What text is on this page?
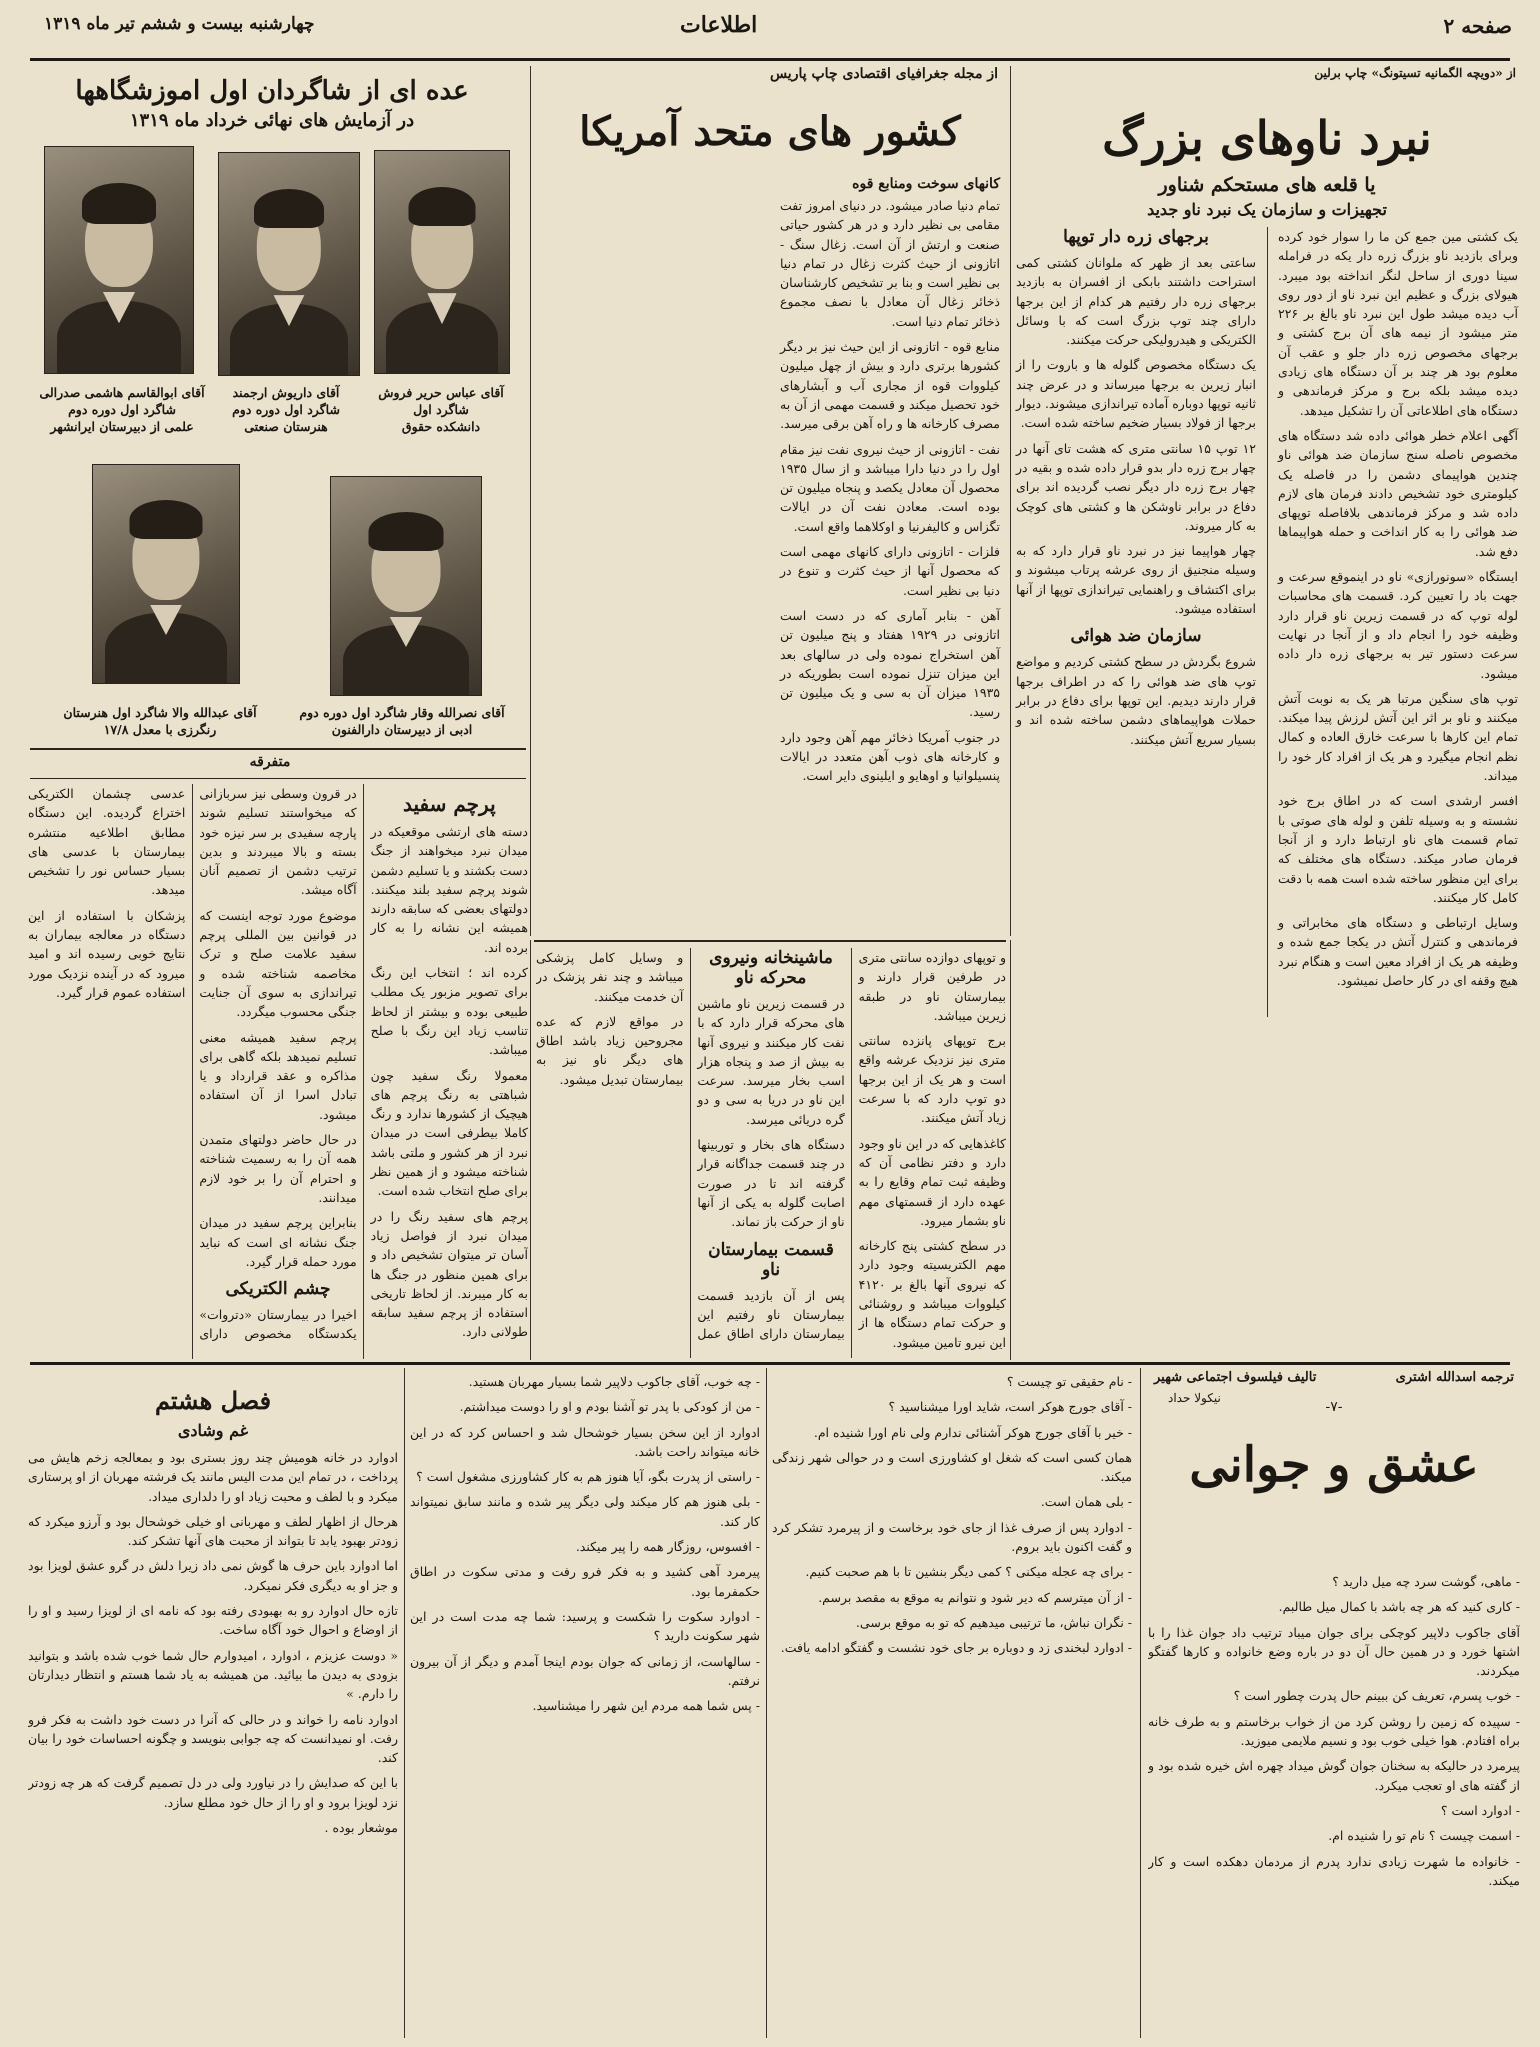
صفحه ۲
اطلاعات
چهارشنبه بیست و ششم تیر ماه ۱۳۱۹
از «دویچه الگمانیه تسیتونگ» چاپ برلین
نبرد ناوهای بزرگ
یا قلعه های مستحکم شناور
تجهیزات و سازمان یک نبرد ناو جدید

یک کشتی مین جمع کن ما را سوار خود کرده وبرای بازدید ناو بزرگ زره دار یکه در فرامله سینا دوری از ساحل لنگر انداخته بود میبرد. هیولای بزرگ و عظیم این نبرد ناو از دور روی آب دیده میشد طول این نبرد ناو بالغ بر ۲۲۶ متر میشود از نیمه های آن برج کشتی و برجهای مخصوص زره دار جلو و عقب آن معلوم بود هر چند بر آن دستگاه های زیادی دیده میشد بلکه برج و مرکز فرماندهی و دستگاه های اطلاعاتی آن را تشکیل میدهد.

آگهی اعلام خطر هوائی داده شد دستگاه های مخصوص ناصله سنج سازمان ضد هوائی ناو چندین هواپیمای دشمن را در فاصله یک کیلومتری خود تشخیص دادند فرمان های لازم داده شد و مرکز فرماندهی بلافاصله توپهای ضد هوائی را به کار انداخت و حمله هواپیماها دفع شد.

ایستگاه «سونورازی» ناو در اینموقع سرعت و جهت باد را تعیین کرد. قسمت های محاسبات لوله توپ که در قسمت زیرین ناو قرار دارد وظیفه خود را انجام داد و از آنجا در نهایت سرعت دستور تیر به برجهای زره دار داده میشود.

توپ های سنگین مرتبا هر یک به نوبت آتش میکنند و ناو بر اثر این آتش لرزش پیدا میکند. تمام این کارها با سرعت خارق العاده و کمال نظم انجام میگیرد و هر یک از افراد کار خود را میداند.

افسر ارشدی است که در اطاق برج خود نشسته و به وسیله تلفن و لوله های صوتی با تمام قسمت های ناو ارتباط دارد و از آنجا فرمان صادر میکند. دستگاه های مختلف که برای این منظور ساخته شده است همه با دقت کامل کار میکنند.

وسایل ارتباطی و دستگاه های مخابراتی و فرماندهی و کنترل آتش در یکجا جمع شده و وظیفه هر یک از افراد معین است و هنگام نبرد هیچ وقفه ای در کار حاصل نمیشود.

برجهای زره دار توپها

ساعتی بعد از ظهر که ملوانان کشتی کمی استراحت داشتند بابکی از افسران به بازدید برجهای زره دار رفتیم هر کدام از این برجها دارای چند توپ بزرگ است که با وسائل الکتریکی و هیدرولیکی حرکت میکنند.

یک دستگاه مخصوص گلوله ها و باروت را از انبار زیرین به برجها میرساند و در عرض چند ثانیه توپها دوباره آماده تیراندازی میشوند. دیوار برجها از فولاد بسیار ضخیم ساخته شده است.

۱۲ توپ ۱۵ سانتی متری که هشت تای آنها در چهار برج زره دار بدو قرار داده شده و بقیه در چهار برج زره دار دیگر نصب گردیده اند برای دفاع در برابر ناوشکن ها و کشتی های کوچک به کار میروند.

چهار هواپیما نیز در نبرد ناو قرار دارد که به وسیله منجنیق از روی عرشه پرتاب میشوند و برای اکتشاف و راهنمایی تیراندازی توپها از آنها استفاده میشود.

سازمان ضد هوائی

شروع بگردش در سطح کشتی کردیم و مواضع توپ های ضد هوائی را که در اطراف برجها قرار دارند دیدیم. این توپها برای دفاع در برابر حملات هواپیماهای دشمن ساخته شده اند و بسیار سریع آتش میکنند.

از مجله جغرافیای اقتصادی چاپ پاریس
کشور های متحد آمریکا
کانهای سوخت ومنابع قوه

تمام دنیا صادر میشود. در دنیای امروز تفت مقامی بی نظیر دارد و در هر کشور حیاتی صنعت و ارتش از آن است. زغال سنگ - اتازونی از حیث کثرت زغال در تمام دنیا بی نظیر است و بنا بر تشخیص کارشناسان ذخائر زغال آن معادل با نصف مجموع ذخائر تمام دنیا است.

منابع قوه - اتازونی از این حیث نیز بر دیگر کشورها برتری دارد و بیش از چهل میلیون کیلووات قوه از مجاری آب و آبشارهای خود تحصیل میکند و قسمت مهمی از آن به مصرف کارخانه ها و راه آهن برقی میرسد.

نفت - اتازونی از حیث نیروی نفت نیز مقام اول را در دنیا دارا میباشد و از سال ۱۹۳۵ محصول آن معادل یکصد و پنجاه میلیون تن بوده است. معادن نفت آن در ایالات تگزاس و کالیفرنیا و اوکلاهما واقع است.

فلزات - اتازونی دارای کانهای مهمی است که محصول آنها از حیث کثرت و تنوع در دنیا بی نظیر است.

آهن - بنابر آماری که در دست است اتازونی در ۱۹۲۹ هفتاد و پنج میلیون تن آهن استخراج نموده ولی در سالهای بعد این میزان تنزل نموده است بطوریکه در ۱۹۳۵ میزان آن به سی و یک میلیون تن رسید.

در جنوب آمریکا ذخائر مهم آهن وجود دارد و کارخانه های ذوب آهن متعدد در ایالات پنسیلوانیا و اوهایو و ایلینوی دایر است.

عده ای از شاگردان اول اموزشگاهها
در آزمایش های نهائی خرداد ماه ۱۳۱۹
آقای عباس حریر فروش
شاگرد اول
دانشکده حقوق
آقای داریوش ارجمند
شاگرد اول دوره دوم
هنرستان صنعتی
آقای ابوالقاسم هاشمی صدرالی
شاگرد اول دوره دوم
علمی از دبیرستان ایرانشهر
آقای نصرالله وقار شاگرد اول دوره دوم
ادبی از دبیرستان دارالفنون
آقای عبدالله والا شاگرد اول هنرستان
رنگرزی با معدل ۱۷/۸
متفرقه
پرچم سفید

دسته های ارتشی موقعیکه در میدان نبرد میخواهند از جنگ دست بکشند و یا تسلیم دشمن شوند پرچم سفید بلند میکنند. دولتهای بعضی که سابقه دارند همیشه این نشانه را به کار برده اند.

کرده اند ؛ انتخاب این رنگ برای تصویر مزبور یک مطلب طبیعی بوده و بیشتر از لحاظ تناسب زیاد این رنگ با صلح میباشد.

معمولا رنگ سفید چون شباهتی به رنگ پرچم های هیچیک از کشورها ندارد و رنگ کاملا بیطرفی است در میدان نبرد از هر کشور و ملتی باشد شناخته میشود و از همین نظر برای صلح انتخاب شده است.

پرچم های سفید رنگ را در میدان نبرد از فواصل زیاد آسان تر میتوان تشخیص داد و برای همین منظور در جنگ ها به کار میبرند. از لحاظ تاریخی استفاده از پرچم سفید سابقه طولانی دارد.

در قرون وسطی نیز سربازانی که میخواستند تسلیم شوند پارچه سفیدی بر سر نیزه خود بسته و بالا میبردند و بدین ترتیب دشمن از تصمیم آنان آگاه میشد.

موضوع مورد توجه اینست که در قوانین بین المللی پرچم سفید علامت صلح و ترک مخاصمه شناخته شده و تیراندازی به سوی آن جنایت جنگی محسوب میگردد.

پرچم سفید همیشه معنی تسلیم نمیدهد بلکه گاهی برای مذاکره و عقد قرارداد و یا تبادل اسرا از آن استفاده میشود.

در حال حاضر دولتهای متمدن همه آن را به رسمیت شناخته و احترام آن را بر خود لازم میدانند.

بنابراین پرچم سفید در میدان جنگ نشانه ای است که نباید مورد حمله قرار گیرد.

چشم الکتریکی

اخیرا در بیمارستان «دتروات» یکدستگاه مخصوص دارای عدسی چشمان الکتریکی اختراع گردیده. این دستگاه مطابق اطلاعیه منتشره بیمارستان با عدسی های بسیار حساس نور را تشخیص میدهد.

پزشکان با استفاده از این دستگاه در معالجه بیماران به نتایج خوبی رسیده اند و امید میرود که در آینده نزدیک مورد استفاده عموم قرار گیرد.

و توپهای دوازده سانتی متری در طرفین قرار دارند و بیمارستان ناو در طبقه زیرین میباشد.

برج توپهای پانزده سانتی متری نیز نزدیک عرشه واقع است و هر یک از این برجها دو توپ دارد که با سرعت زیاد آتش میکنند.

کاغذهایی که در این ناو وجود دارد و دفتر نظامی آن که وظیفه ثبت تمام وقایع را به عهده دارد از قسمتهای مهم ناو بشمار میرود.

در سطح کشتی پنج کارخانه مهم الکتریسیته وجود دارد که نیروی آنها بالغ بر ۴۱۲۰ کیلووات میباشد و روشنائی و حرکت تمام دستگاه ها از این نیرو تامین میشود.

ماشینخانه ونیروی محرکه ناو

در قسمت زیرین ناو ماشین های محرکه قرار دارد که با نفت کار میکنند و نیروی آنها به بیش از صد و پنجاه هزار اسب بخار میرسد. سرعت این ناو در دریا به سی و دو گره دریائی میرسد.

دستگاه های بخار و توربینها در چند قسمت جداگانه قرار گرفته اند تا در صورت اصابت گلوله به یکی از آنها ناو از حرکت باز نماند.

قسمت بیمارستان ناو

پس از آن بازدید قسمت بیمارستان ناو رفتیم این بیمارستان دارای اطاق عمل و وسایل کامل پزشکی میباشد و چند نفر پزشک در آن خدمت میکنند.

در مواقع لازم که عده مجروحین زیاد باشد اطاق های دیگر ناو نیز به بیمارستان تبدیل میشود.

ترجمه اسدالله اشتری
تالیف فیلسوف اجتماعی شهیر
نیکولا حداد
-۷-
عشق و جوانی

- ماهی، گوشت سرد چه میل دارید ؟

- کاری کنید که هر چه باشد با کمال میل طالبم.

آقای جاکوب دلاپیر کوچکی برای جوان میباد ترتیب داد جوان غذا را با اشتها خورد و در همین حال آن دو در باره وضع خانواده و کارها گفتگو میکردند.

- خوب پسرم، تعریف کن ببینم حال پدرت چطور است ؟

- سپیده که زمین را روشن کرد من از خواب برخاستم و به طرف خانه براه افتادم. هوا خیلی خوب بود و نسیم ملایمی میوزید.

پیرمرد در حالیکه به سخنان جوان گوش میداد چهره اش خیره شده بود و از گفته های او تعجب میکرد.

- ادوارد است ؟

- اسمت چیست ؟ نام تو را شنیده ام.

- خانواده ما شهرت زیادی ندارد پدرم از مردمان دهکده است و کار میکند.

- نام حقیقی تو چیست ؟

- آقای جورج هوکر است، شاید اورا میشناسید ؟

- خیر با آقای جورج هوکر آشنائی ندارم ولی نام اورا شنیده ام.

همان کسی است که شغل او کشاورزی است و در حوالی شهر زندگی میکند.

- بلی همان است.

- ادوارد پس از صرف غذا از جای خود برخاست و از پیرمرد تشکر کرد و گفت اکنون باید بروم.

- برای چه عجله میکنی ؟ کمی دیگر بنشین تا با هم صحبت کنیم.

- از آن میترسم که دیر شود و نتوانم به موقع به مقصد برسم.

- نگران نباش، ما ترتیبی میدهیم که تو به موقع برسی.

- ادوارد لبخندی زد و دوباره بر جای خود نشست و گفتگو ادامه یافت.

- چه خوب، آقای جاکوب دلاپیر شما بسیار مهربان هستید.

- من از کودکی با پدر تو آشنا بودم و او را دوست میداشتم.

ادوارد از این سخن بسیار خوشحال شد و احساس کرد که در این خانه میتواند راحت باشد.

- راستی از پدرت بگو، آیا هنوز هم به کار کشاورزی مشغول است ؟

- بلی هنوز هم کار میکند ولی دیگر پیر شده و مانند سابق نمیتواند کار کند.

- افسوس، روزگار همه را پیر میکند.

پیرمرد آهی کشید و به فکر فرو رفت و مدتی سکوت در اطاق حکمفرما بود.

- ادوارد سکوت را شکست و پرسید: شما چه مدت است در این شهر سکونت دارید ؟

- سالهاست، از زمانی که جوان بودم اینجا آمدم و دیگر از آن بیرون نرفتم.

- پس شما همه مردم این شهر را میشناسید.

فصل هشتم
غم وشادی

ادوارد در خانه هومیش چند روز بستری بود و بمعالجه زخم هایش می پرداخت ، در تمام این مدت الیس مانند یک فرشته مهربان از او پرستاری میکرد و با لطف و محبت زیاد او را دلداری میداد.

هرحال از اظهار لطف و مهربانی او خیلی خوشحال بود و آرزو میکرد که زودتر بهبود یابد تا بتواند از محبت های آنها تشکر کند.

اما ادوارد باین حرف ها گوش نمی داد زیرا دلش در گرو عشق لویزا بود و جز او به دیگری فکر نمیکرد.

تازه حال ادوارد رو به بهبودی رفته بود که نامه ای از لویزا رسید و او را از اوضاع و احوال خود آگاه ساخت.

« دوست عزیزم ، ادوارد ، امیدوارم حال شما خوب شده باشد و بتوانید بزودی به دیدن ما بیائید. من همیشه به یاد شما هستم و انتظار دیدارتان را دارم. »

ادوارد نامه را خواند و در حالی که آنرا در دست خود داشت به فکر فرو رفت. او نمیدانست که چه جوابی بنویسد و چگونه احساسات خود را بیان کند.

با این که صدایش را در نیاورد ولی در دل تصمیم گرفت که هر چه زودتر نزد لویزا برود و او را از حال خود مطلع سازد.

موشعار بوده .
